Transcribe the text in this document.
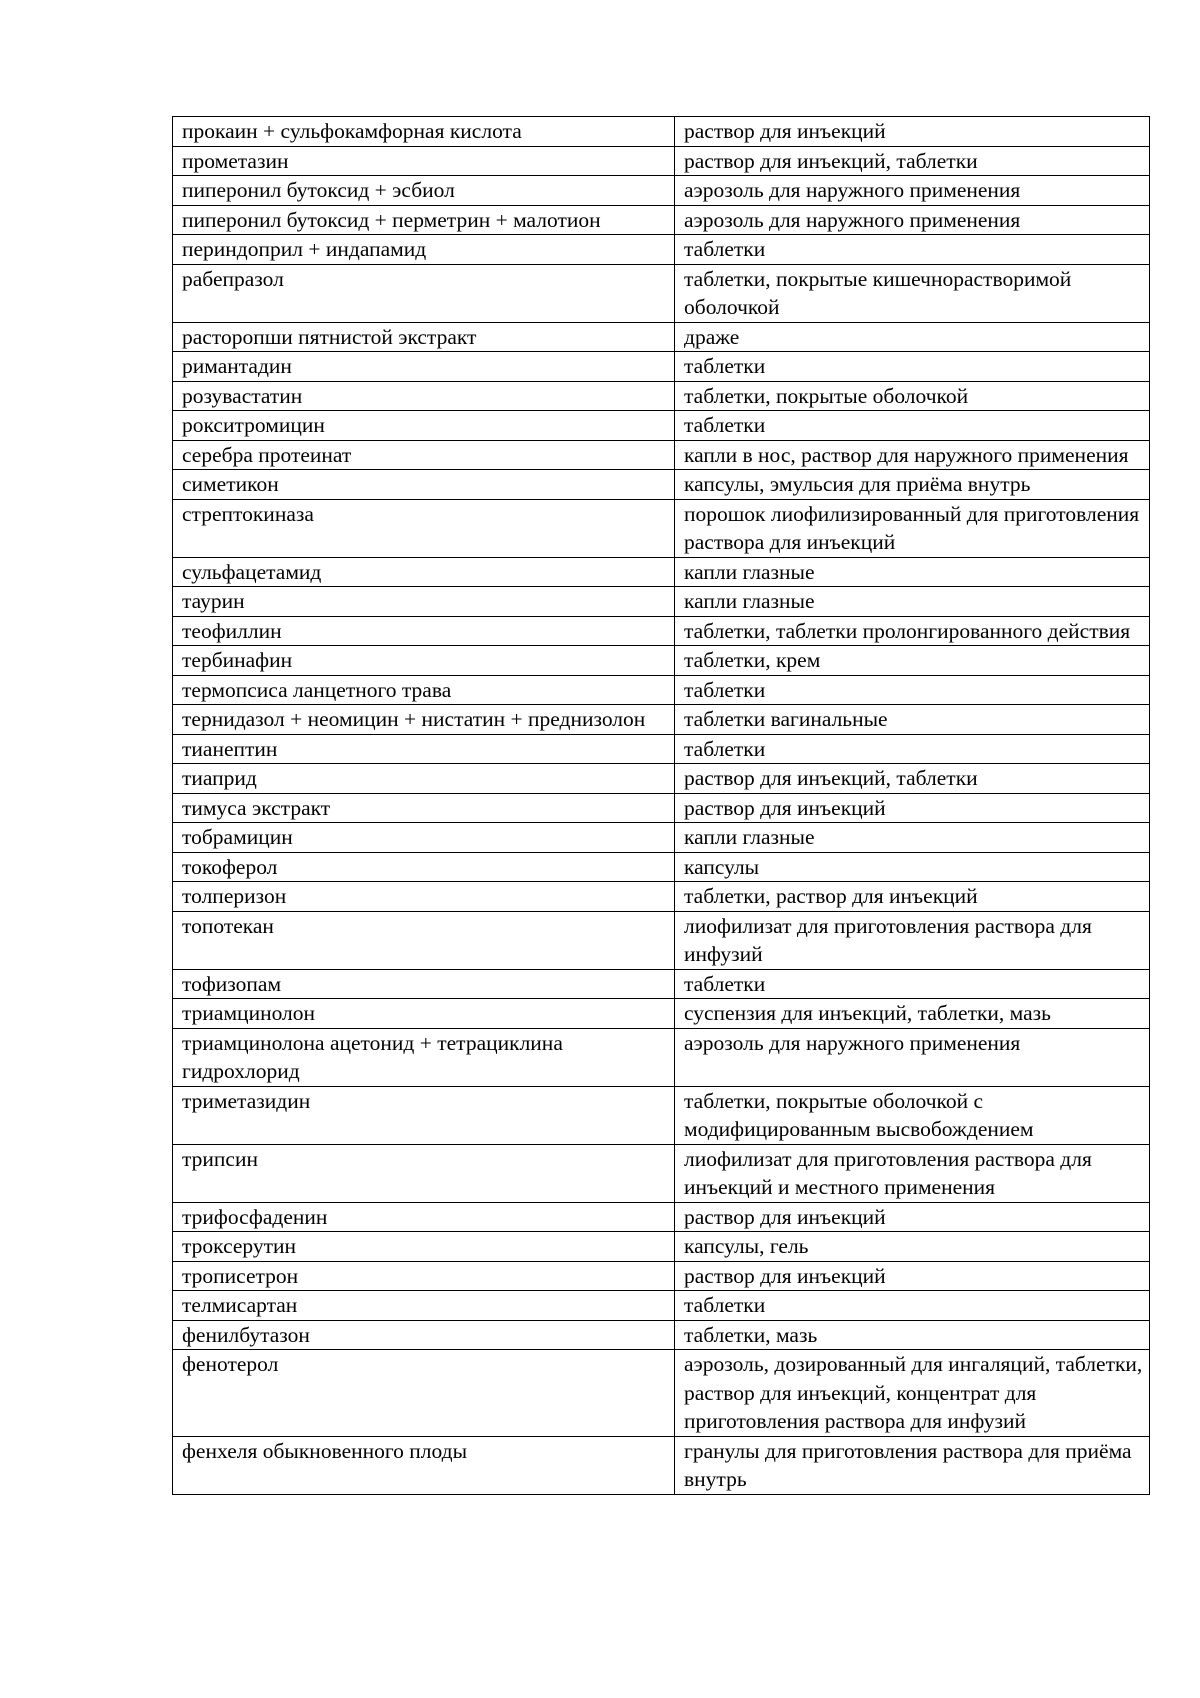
прокаин + сульфокамфорная кислота	раствор для инъекций
прометазин	раствор для инъекций, таблетки
пиперонил бутоксид + эсбиол	аэрозоль для наружного применения
пиперонил бутоксид + перметрин + малотион	аэрозоль для наружного применения
периндоприл + индапамид	таблетки
рабепразол	таблетки, покрытые кишечнорастворимой оболочкой
расторопши пятнистой экстракт	драже
римантадин	таблетки
розувастатин	таблетки, покрытые оболочкой
рокситромицин	таблетки
серебра протеинат	капли в нос, раствор для наружного применения
симетикон	капсулы, эмульсия для приёма внутрь
стрептокиназа	порошок лиофилизированный для приготовления раствора для инъекций
сульфацетамид	капли глазные
таурин	капли глазные
теофиллин	таблетки, таблетки пролонгированного действия
тербинафин	таблетки, крем
термопсиса ланцетного трава	таблетки
тернидазол + неомицин + нистатин + преднизолон	таблетки вагинальные
тианептин	таблетки
тиаприд	раствор для инъекций, таблетки
тимуса экстракт	раствор для инъекций
тобрамицин	капли глазные
токоферол	капсулы
толперизон	таблетки, раствор для инъекций
топотекан	лиофилизат для приготовления раствора для инфузий
тофизопам	таблетки
триамцинолон	суспензия для инъекций, таблетки, мазь
триамцинолона ацетонид + тетрациклина гидрохлорид	аэрозоль для наружного применения
триметазидин	таблетки, покрытые оболочкой с модифицированным высвобождением
трипсин	лиофилизат для приготовления раствора для инъекций и местного применения
трифосфаденин	раствор для инъекций
троксерутин	капсулы, гель
трописетрон	раствор для инъекций
телмисартан	таблетки
фенилбутазон	таблетки, мазь
фенотерол	аэрозоль, дозированный для ингаляций, таблетки, раствор для инъекций, концентрат для приготовления раствора для инфузий
фенхеля обыкновенного плоды	гранулы для приготовления раствора для приёма внутрь
